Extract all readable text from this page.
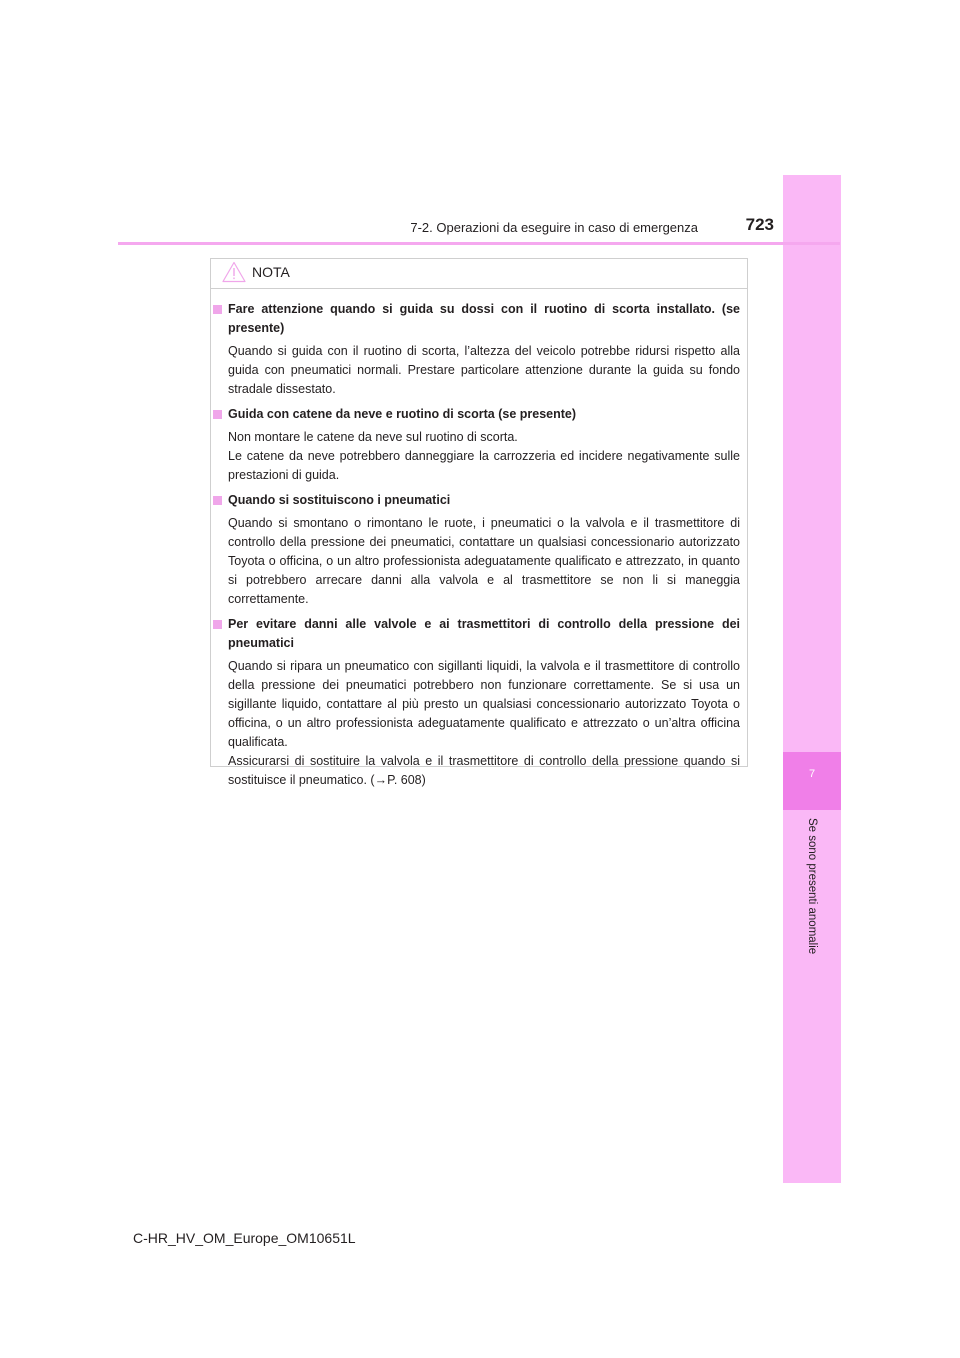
7
Se sono presenti anomalie
7-2. Operazioni da eseguire in caso di emergenza	723
NOTA
Fare attenzione quando si guida su dossi con il ruotino di scorta installato. (se presente)

Quando si guida con il ruotino di scorta, l’altezza del veicolo potrebbe ridursi rispetto alla guida con pneumatici normali. Prestare particolare attenzione durante la guida su fondo stradale dissestato.

Guida con catene da neve e ruotino di scorta (se presente)

Non montare le catene da neve sul ruotino di scorta.

Le catene da neve potrebbero danneggiare la carrozzeria ed incidere negativamente sulle prestazioni di guida.

Quando si sostituiscono i pneumatici

Quando si smontano o rimontano le ruote, i pneumatici o la valvola e il trasmettitore di controllo della pressione dei pneumatici, contattare un qualsiasi concessionario autorizzato Toyota o officina, o un altro professionista adeguatamente qualificato e attrezzato, in quanto si potrebbero arrecare danni alla valvola e al trasmettitore se non li si maneggia correttamente.

Per evitare danni alle valvole e ai trasmettitori di controllo della pressione dei pneumatici

Quando si ripara un pneumatico con sigillanti liquidi, la valvola e il trasmettitore di controllo della pressione dei pneumatici potrebbero non funzionare correttamente. Se si usa un sigillante liquido, contattare al più presto un qualsiasi concessionario autorizzato Toyota o officina, o un altro professionista adeguatamente qualificato e attrezzato o un’altra officina qualificata.

Assicurarsi di sostituire la valvola e il trasmettitore di controllo della pressione quando si sostituisce il pneumatico. (→P. 608)

C-HR_HV_OM_Europe_OM10651L
